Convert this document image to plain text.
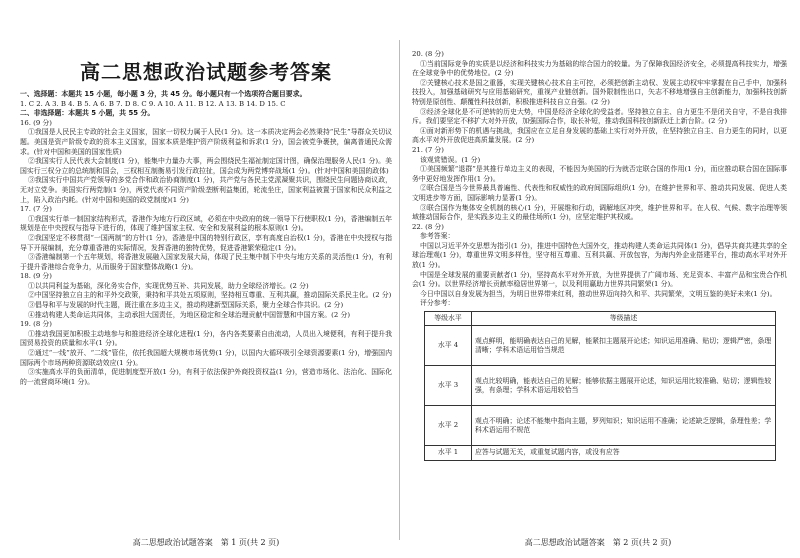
高二思想政治试题参考答案

一、选择题：本题共 15 小题，每小题 3 分，共 45 分。每小题只有一个选项符合题目要求。

1. C 2. A 3. B 4. B 5. A 6. B 7. D 8. C 9. A 10. A 11. B 12. A 13. B 14. D 15. C

二、非选择题：本题共 5 小题，共 55 分。

16. (9 分)

①我国是人民民主专政的社会主义国家，国家一切权力属于人民(1 分)。这一本质决定两会必然秉持“民生”导群众关切议题。美国是资产阶级专政的资本主义国家，国家本质是维护资产阶级利益和诉求(1 分)，国会被党争裹挟，偏离普通民众需求。(针对中国和美国的国家性质)

②我国实行人民代表大会制度(1 分)，能集中力量办大事，两会围绕民生福祉制定国计图，确保治理服务人民(1 分)。美国实行三权分立的总统制和国会，三权相互制衡易引发行政拉扯，国会成为两党博弈战场(1 分)。(针对中国和美国的政体)

③我国实行中国共产党领导的多党合作和政治协商制度(1 分)，共产党与各民主党派凝聚共识，围绕民生问题协商议政，无对立党争。美国实行两党制(1 分)，两党代表不同资产阶级垄断利益集团，轮流坐庄，国家利益被置于国家和民众利益之上，陷入政治内耗。(针对中国和美国的政党制度)(1 分)

17. (7 分)

①我国实行单一制国家结构形式，香港作为地方行政区域，必须在中央政府的统一领导下行使职权(1 分)，香港编制五年规划是在中央授权与指导下进行的，体现了维护国家主权、安全和发展利益的根本原则(1 分)。

②我国坚定不移贯彻“一国两制”的方针(1 分)，香港是中国的特别行政区，享有高度自治权(1 分)，香港在中央授权与指导下开展编制，充分尊重香港的实际情况，发挥香港的独特优势，促进香港繁荣稳定(1 分)。

③香港编制第一个五年规划，将香港发展融入国家发展大局，体现了民主集中制下中央与地方关系的灵活性(1 分)，有利于提升香港综合竞争力，从而服务于国家整体战略(1 分)。

18. (9 分)

①以共同利益为基础，深化务实合作，实现优势互补、共同发展，助力全球经济增长。(2 分)

②中国坚持独立自主的和平外交政策，秉持和平共处五项原则，坚持相互尊重、互利共赢，推动国际关系民主化。(2 分)

③倡导和平与发展的时代主题，既注重在多边主义，推动构建新型国际关系，聚力全球合作共识。(2 分)

④推动构建人类命运共同体，主动承担大国责任，为地区稳定和全球治理贡献中国智慧和中国方案。(2 分)

19. (8 分)

①推动我国更加积极主动地参与和推进经济全球化进程(1 分)，各内各类要素自由流动，人员出入境便利，有利于提升我国贸易投资的质量和水平(1 分)。

②通过“一线”放开、“二线”管住，依托我国超大规模市场优势(1 分)，以国内大循环吸引全球资源要素(1 分)，增强国内国际两个市场两种资源联动效应(1 分)。

③实施高水平的负面清单，促进制度型开放(1 分)，有利于依法保护外商投资权益(1 分)，营造市场化、法治化、国际化的一流营商环境(1 分)。

高二思想政治试题答案　第 1 页(共 2 页)

20. (8 分)

①当前国际竞争的实质是以经济和科技实力为基础的综合国力的较量。为了保障我国经济安全，必须提高科技实力，增强在全球竞争中的优势地位。(2 分)

②关键核心技术是国之重器，实现关键核心技术自主可控，必须把创新主动权、发展主动权牢牢掌握在自己手中，加强科技投入，加强基础研究与应用基础研究，重视产业链创新。国外限制性出口，矢志不移地增强自主创新能力，加强科技创新特别是原创性、颠覆性科技创新，积极推进科技自立自强。(2 分)

③经济全球化是不可逆转的历史大势，中国是经济全球化的受益者。坚持独立自主、自力更生不是闭关自守，不是自我排斥。我们要坚定不移扩大对外开放，加强国际合作，取长补短，推动我国科技创新跃迁上新台阶。(2 分)

④面对新形势下的机遇与挑战，我国应在立足自身发展的基础上实行对外开放，在坚持独立自主、自力更生的同时，以更高水平对外开放促进高质量发展。(2 分)

21. (7 分)

该观赏错误。(1 分)

①美国频繁“退群”是其推行单边主义的表现，不能因为美国的行为就否定联合国的作用(1 分)，而应推动联合国在国际事务中更好地发挥作用(1 分)。

②联合国是当今世界最具普遍性、代表性和权威性的政府间国际组织(1 分)，在维护世界和平、推动共同发展、促进人类文明进步等方面，国际影响力显著(1 分)。

③联合国作为集体安全机制的核心(1 分)，开展维和行动，调解地区冲突，维护世界和平。在人权、气候、数字治理等领域推动国际合作，是实践多边主义的最佳场所(1 分)，应坚定维护其权威。

22. (8 分)

参考答案：

中国以习近平外交思想为指引(1 分)，推进中国特色大国外交，推动构建人类命运共同体(1 分)，倡导共商共建共享的全球治理观(1 分)，尊重世界文明多样性，坚守相互尊重、互利共赢、开放包容，为海内外企业搭建平台，推动高水平对外开放(1 分)。

中国是全球发展的重要贡献者(1 分)，坚持高水平对外开放，为世界提供了广阔市场、充足资本、丰富产品和宝贵合作机会(1 分)。以世界经济增长贡献率稳居世界第一，以及利用赢助力世界共同繁荣(1 分)。

今日中国以自身发展为担当，为明日世界带来红利，推动世界迈向持久和平、共同繁荣，文明互鉴的美好未来(1 分)。

评分参考：

等级水平	等级描述
水平 4	观点鲜明，能明确表达自己的见解，能紧扣主题展开论述；知识运用准确、贴切；逻辑严密，条理清晰；学科术语运用恰当规范
水平 3	观点比较明确，能表达自己的见解；能够依据主题展开论述，知识运用比较准确、贴切；逻辑性较强，有条理；学科术语运用较恰当
水平 2	观点不明确；论述不能集中指向主题，罗列知识；知识运用不准确；论述缺乏逻辑，条理性差；学科术语运用不规范
水平 1	应答与试题无关，或重复试题内容，或没有应答
高二思想政治试题答案　第 2 页(共 2 页)
